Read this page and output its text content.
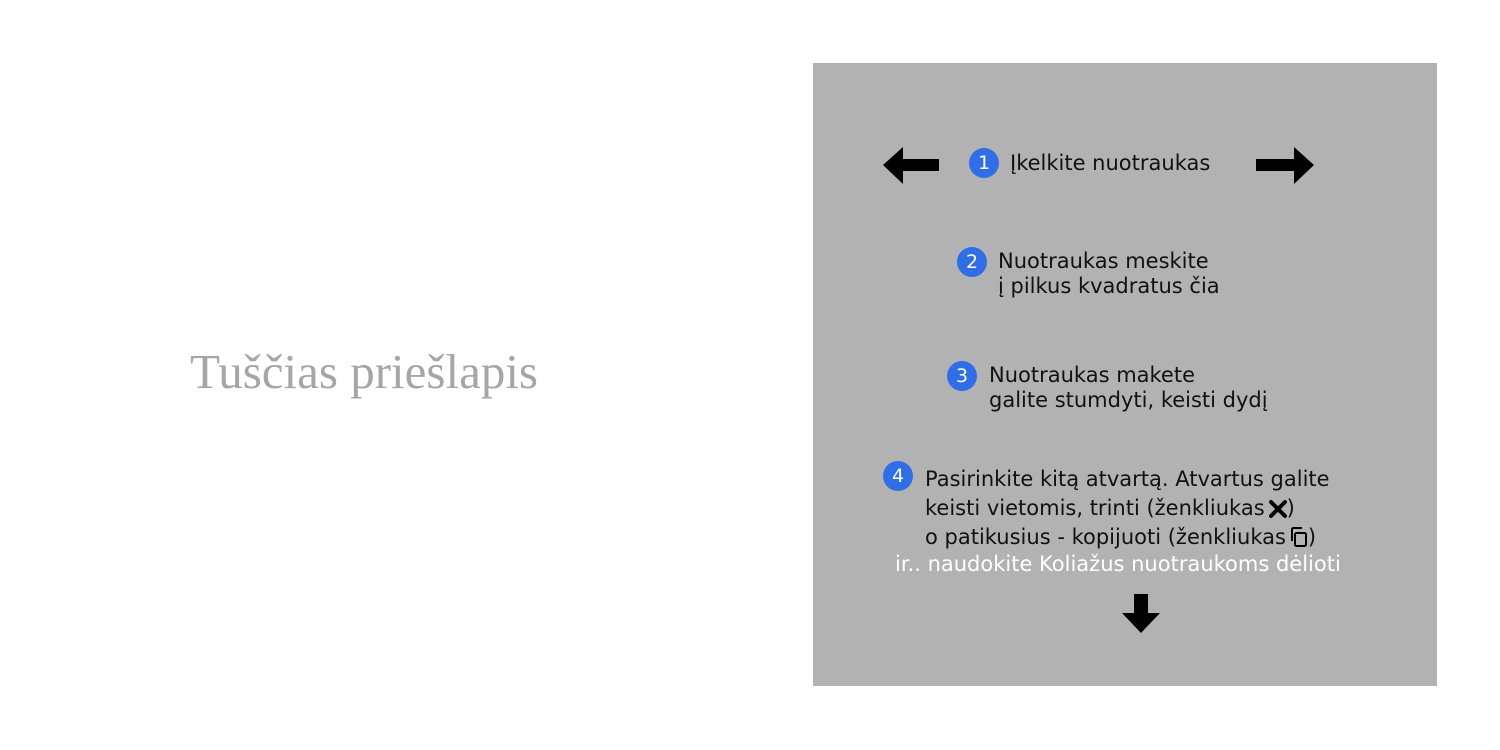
Tuščias priešlapis
1 Įkelkite nuotraukas
2 Nuotraukas meskite
į pilkus kvadratus čia
3 Nuotraukas makete
galite stumdyti, keisti dydį
4 Pasirinkite kitą atvartą. Atvartus galite
keisti vietomis, trinti (ženkliukas )
o patikusius - kopijuoti (ženkliukas )
ir.. naudokite Koliažus nuotraukoms dėlioti
